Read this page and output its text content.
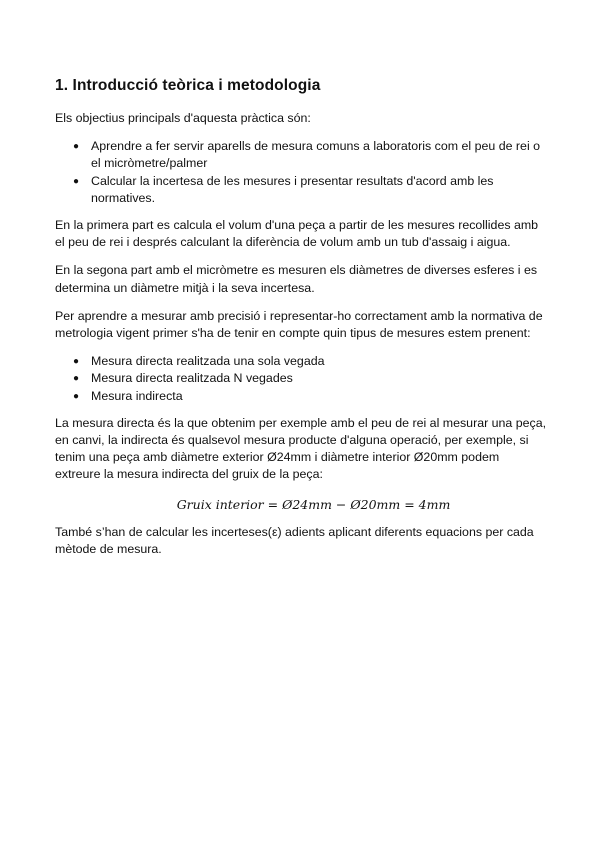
1. Introducció teòrica i metodologia

Els objectius principals d'aquesta pràctica són:

● Aprendre a fer servir aparells de mesura comuns a laboratoris com el peu de rei o el micròmetre/palmer
● Calcular la incertesa de les mesures i presentar resultats d'acord amb les normatives.

En la primera part es calcula el volum d'una peça a partir de les mesures recollides amb el peu de rei i després calculant la diferència de volum amb un tub d'assaig i aigua.

En la segona part amb el micròmetre es mesuren els diàmetres de diverses esferes i es determina un diàmetre mitjà i la seva incertesa.

Per aprendre a mesurar amb precisió i representar-ho correctament amb la normativa de metrologia vigent primer s'ha de tenir en compte quin tipus de mesures estem prenent:

● Mesura directa realitzada una sola vegada
● Mesura directa realitzada N vegades
● Mesura indirecta

La mesura directa és la que obtenim per exemple amb el peu de rei al mesurar una peça, en canvi, la indirecta és qualsevol mesura producte d'alguna operació, per exemple, si tenim una peça amb diàmetre exterior Ø24mm i diàmetre interior Ø20mm podem extreure la mesura indirecta del gruix de la peça:

Gruix interior = Ø24mm − Ø20mm = 4mm

També s’han de calcular les incerteses(ε) adients aplicant diferents equacions per cada mètode de mesura.
